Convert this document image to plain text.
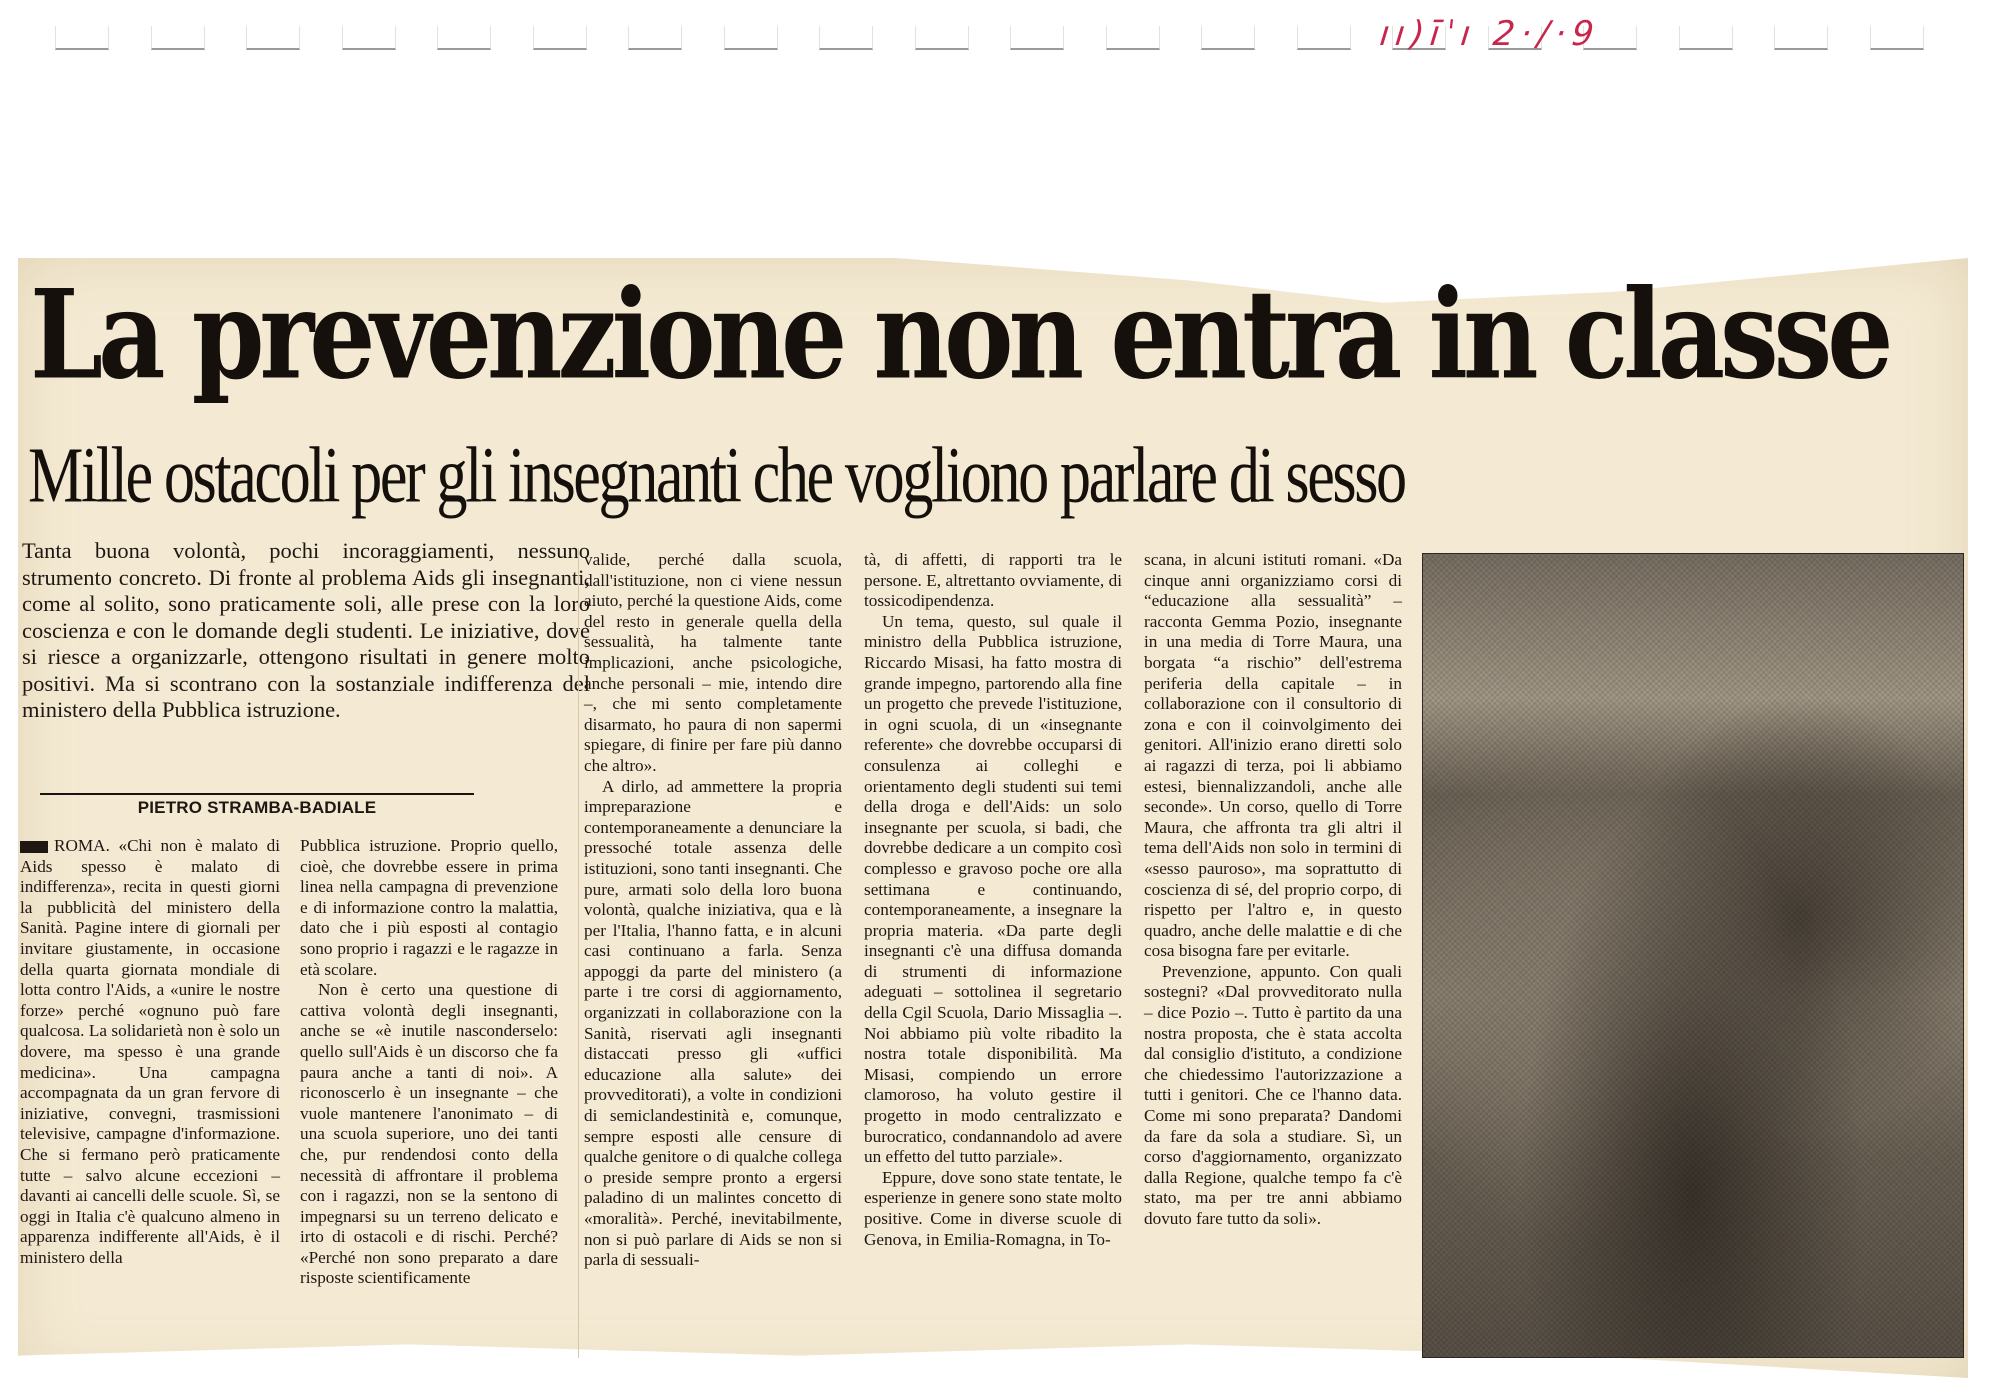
ıı)ı̄ˈı 2·/·9
La prevenzione non entra in classe
Mille ostacoli per gli insegnanti che vogliono parlare di sesso
Tanta buona volontà, pochi incoraggiamenti, nessuno strumento concreto. Di fronte al problema Aids gli insegnanti, come al solito, sono praticamente soli, alle prese con la loro coscienza e con le domande degli studenti. Le iniziative, dove si riesce a organizzarle, ottengono risultati in genere molto positivi. Ma si scontrano con la sostanziale indifferenza del ministero della Pubblica istruzione.
PIETRO STRAMBA-BADIALE

ROMA. «Chi non è malato di Aids spesso è malato di indifferenza», recita in questi giorni la pubblicità del ministero della Sanità. Pagine intere di giornali per invitare giustamente, in occasione della quarta giornata mondiale di lotta contro l'Aids, a «unire le nostre forze» perché «ognuno può fare qualcosa. La solidarietà non è solo un dovere, ma spesso è una grande medicina». Una campagna accompagnata da un gran fervore di iniziative, convegni, trasmissioni televisive, campagne d'informazione. Che si fermano però praticamente tutte – salvo alcune eccezioni – davanti ai cancelli delle scuole. Sì, se oggi in Italia c'è qualcuno almeno in apparenza indifferente all'Aids, è il ministero della

Pubblica istruzione. Proprio quello, cioè, che dovrebbe essere in prima linea nella campagna di prevenzione e di informazione contro la malattia, dato che i più esposti al contagio sono proprio i ragazzi e le ragazze in età scolare.

Non è certo una questione di cattiva volontà degli insegnanti, anche se «è inutile nasconderselo: quello sull'Aids è un discorso che fa paura anche a tanti di noi». A riconoscerlo è un insegnante – che vuole mantenere l'anonimato – di una scuola superiore, uno dei tanti che, pur rendendosi conto della necessità di affrontare il problema con i ragazzi, non se la sentono di impegnarsi su un terreno delicato e irto di ostacoli e di rischi. Perché? «Perché non sono preparato a dare risposte scientificamente

valide, perché dalla scuola, dall'istituzione, non ci viene nessun aiuto, perché la questione Aids, come del resto in generale quella della sessualità, ha talmente tante implicazioni, anche psicologiche, anche personali – mie, intendo dire –, che mi sento completamente disarmato, ho paura di non sapermi spiegare, di finire per fare più danno che altro».

A dirlo, ad ammettere la propria impreparazione e contemporaneamente a denunciare la pressoché totale assenza delle istituzioni, sono tanti insegnanti. Che pure, armati solo della loro buona volontà, qualche iniziativa, qua e là per l'Italia, l'hanno fatta, e in alcuni casi continuano a farla. Senza appoggi da parte del ministero (a parte i tre corsi di aggiornamento, organizzati in collaborazione con la Sanità, riservati agli insegnanti distaccati presso gli «uffici educazione alla salute» dei provveditorati), a volte in condizioni di semiclandestinità e, comunque, sempre esposti alle censure di qualche genitore o di qualche collega o preside sempre pronto a ergersi paladino di un malintes concetto di «moralità». Perché, inevitabilmente, non si può parlare di Aids se non si parla di sessuali-

tà, di affetti, di rapporti tra le persone. E, altrettanto ovviamente, di tossicodipendenza.

Un tema, questo, sul quale il ministro della Pubblica istruzione, Riccardo Misasi, ha fatto mostra di grande impegno, partorendo alla fine un progetto che prevede l'istituzione, in ogni scuola, di un «insegnante referente» che dovrebbe occuparsi di consulenza ai colleghi e orientamento degli studenti sui temi della droga e dell'Aids: un solo insegnante per scuola, si badi, che dovrebbe dedicare a un compito così complesso e gravoso poche ore alla settimana e continuando, contemporaneamente, a insegnare la propria materia. «Da parte degli insegnanti c'è una diffusa domanda di strumenti di informazione adeguati – sottolinea il segretario della Cgil Scuola, Dario Missaglia –. Noi abbiamo più volte ribadito la nostra totale disponibilità. Ma Misasi, compiendo un errore clamoroso, ha voluto gestire il progetto in modo centralizzato e burocratico, condannandolo ad avere un effetto del tutto parziale».

Eppure, dove sono state tentate, le esperienze in genere sono state molto positive. Come in diverse scuole di Genova, in Emilia-Romagna, in To-

scana, in alcuni istituti romani. «Da cinque anni organizziamo corsi di “educazione alla sessualità” – racconta Gemma Pozio, insegnante in una media di Torre Maura, una borgata “a rischio” dell'estrema periferia della capitale – in collaborazione con il consultorio di zona e con il coinvolgimento dei genitori. All'inizio erano diretti solo ai ragazzi di terza, poi li abbiamo estesi, biennalizzandoli, anche alle seconde». Un corso, quello di Torre Maura, che affronta tra gli altri il tema dell'Aids non solo in termini di «sesso pauroso», ma soprattutto di coscienza di sé, del proprio corpo, di rispetto per l'altro e, in questo quadro, anche delle malattie e di che cosa bisogna fare per evitarle.

Prevenzione, appunto. Con quali sostegni? «Dal provveditorato nulla – dice Pozio –. Tutto è partito da una nostra proposta, che è stata accolta dal consiglio d'istituto, a condizione che chiedessimo l'autorizzazione a tutti i genitori. Che ce l'hanno data. Come mi sono preparata? Dandomi da fare da sola a studiare. Sì, un corso d'aggiornamento, organizzato dalla Regione, qualche tempo fa c'è stato, ma per tre anni abbiamo dovuto fare tutto da soli».
